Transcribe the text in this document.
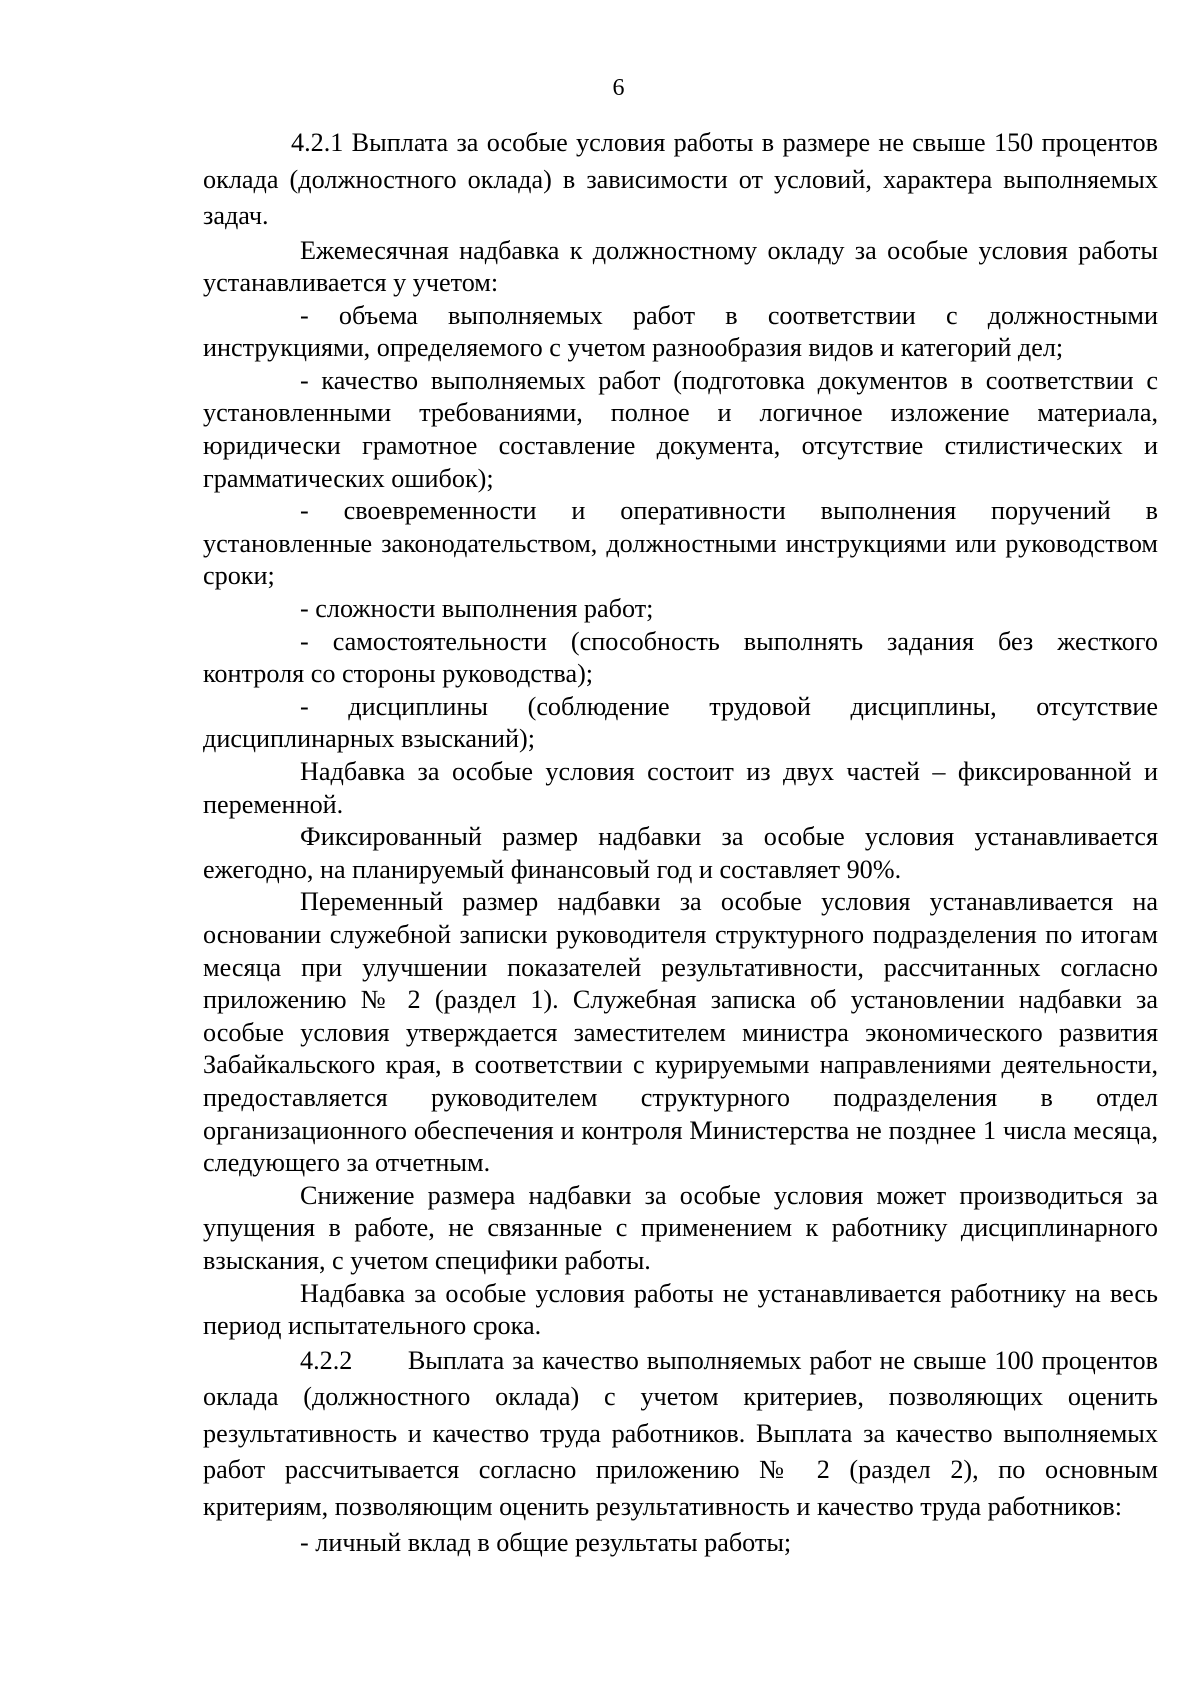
6

4.2.1 Выплата за особые условия работы в размере не свыше 150 процентов оклада (должностного оклада) в зависимости от условий, характера выполняемых задач.

Ежемесячная надбавка к должностному окладу за особые условия работы устанавливается у учетом:

- объема выполняемых работ в соответствии с должностными инструкциями, определяемого с учетом разнообразия видов и категорий дел;

- качество выполняемых работ (подготовка документов в соответствии с установленными требованиями, полное и логичное изложение материала, юридически грамотное составление документа, отсутствие стилистических и грамматических ошибок);

- своевременности и оперативности выполнения поручений в установленные законодательством, должностными инструкциями или руководством сроки;

- сложности выполнения работ;

- самостоятельности (способность выполнять задания без жесткого контроля со стороны руководства);

- дисциплины (соблюдение трудовой дисциплины, отсутствие дисциплинарных взысканий);

Надбавка за особые условия состоит из двух частей – фиксированной и переменной.

Фиксированный размер надбавки за особые условия устанавливается ежегодно, на планируемый финансовый год и составляет 90%.

Переменный размер надбавки за особые условия устанавливается на основании служебной записки руководителя структурного подразделения по итогам месяца при улучшении показателей результативности, рассчитанных согласно приложению № 2 (раздел 1). Служебная записка об установлении надбавки за особые условия утверждается заместителем министра экономического развития Забайкальского края, в соответствии с курируемыми направлениями деятельности, предоставляется руководителем структурного подразделения в отдел организационного обеспечения и контроля Министерства не позднее 1 числа месяца, следующего за отчетным.

Снижение размера надбавки за особые условия может производиться за упущения в работе, не связанные с применением к работнику дисциплинарного взыскания, с учетом специфики работы.

Надбавка за особые условия работы не устанавливается работнику на весь период испытательного срока.

4.2.2       Выплата за качество выполняемых работ не свыше 100 процентов оклада (должностного оклада) с учетом критериев, позволяющих оценить результативность и качество труда работников. Выплата за качество выполняемых работ рассчитывается согласно приложению № 2 (раздел 2), по основным критериям, позволяющим оценить результативность и качество труда работников:

- личный вклад в общие результаты работы;
